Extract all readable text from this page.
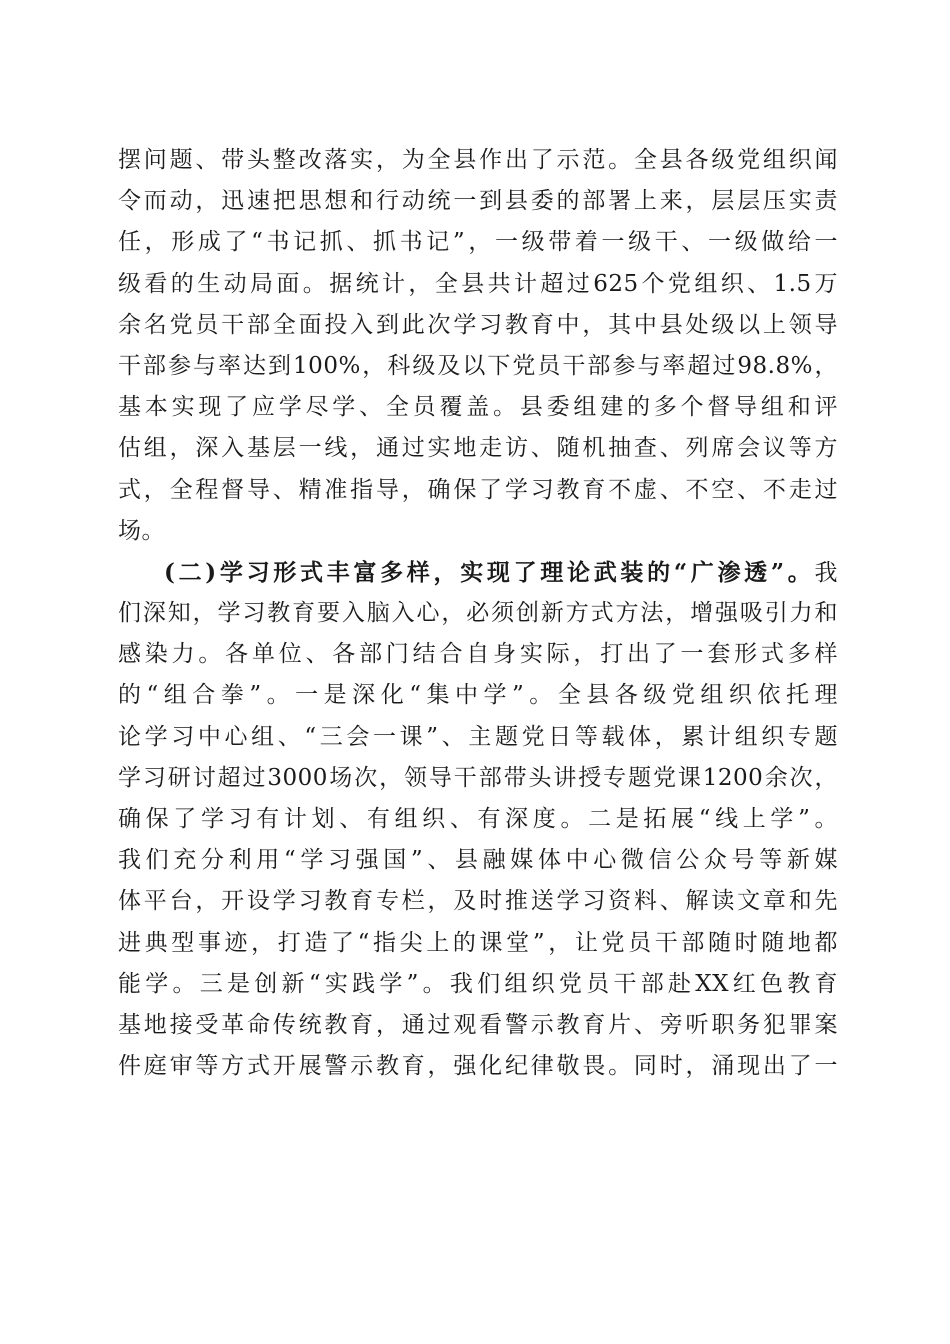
摆问题、带头整改落实，为全县作出了示范。全县各级党组织闻
令而动，迅速把思想和行动统一到县委的部署上来，层层压实责
任，形成了“书记抓、抓书记”，一级带着一级干、一级做给一
级看的生动局面。据统计，全县共计超过625个党组织、1.5万
余名党员干部全面投入到此次学习教育中，其中县处级以上领导
干部参与率达到100%，科级及以下党员干部参与率超过98.8%，
基本实现了应学尽学、全员覆盖。县委组建的多个督导组和评
估组，深入基层一线，通过实地走访、随机抽查、列席会议等方
式，全程督导、精准指导，确保了学习教育不虚、不空、不走过
场。
(二)学习形式丰富多样，实现了理论武装的“广渗透”。我
们深知，学习教育要入脑入心，必须创新方式方法，增强吸引力和
感染力。各单位、各部门结合自身实际，打出了一套形式多样
的“组合拳”。一是深化“集中学”。全县各级党组织依托理
论学习中心组、“三会一课”、主题党日等载体，累计组织专题
学习研讨超过3000场次，领导干部带头讲授专题党课1200余次，
确保了学习有计划、有组织、有深度。二是拓展“线上学”。
我们充分利用“学习强国”、县融媒体中心微信公众号等新媒
体平台，开设学习教育专栏，及时推送学习资料、解读文章和先
进典型事迹，打造了“指尖上的课堂”，让党员干部随时随地都
能学。三是创新“实践学”。我们组织党员干部赴XX红色教育
基地接受革命传统教育，通过观看警示教育片、旁听职务犯罪案
件庭审等方式开展警示教育，强化纪律敬畏。同时，涌现出了一
